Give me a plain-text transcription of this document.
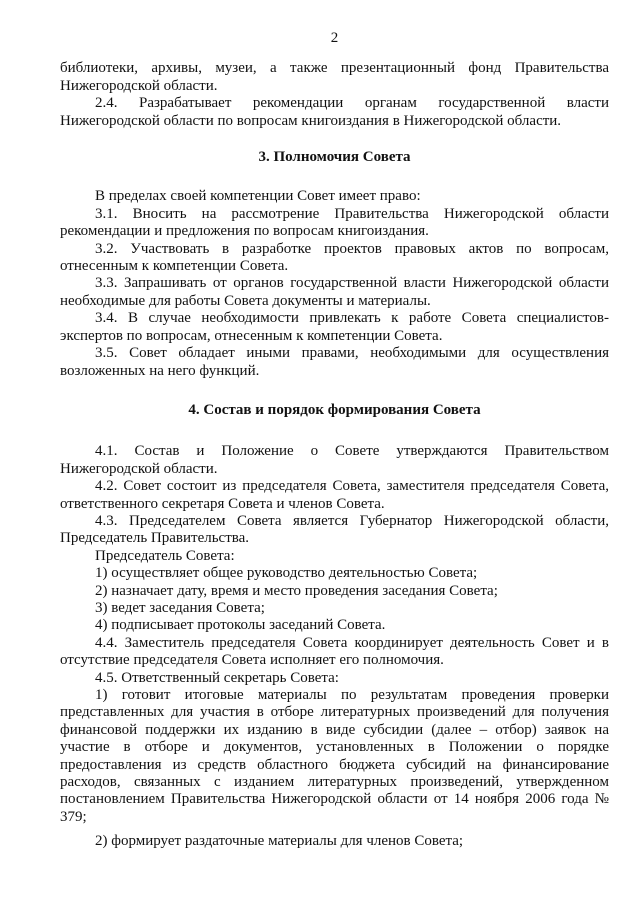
2

библиотеки, архивы, музеи, а также презентационный фонд Правительства Нижегородской области.

2.4. Разрабатывает рекомендации органам государственной власти Нижегородской области по вопросам книгоиздания в Нижегородской области.

3. Полномочия Совета

В пределах своей компетенции Совет имеет право:

3.1. Вносить на рассмотрение Правительства Нижегородской области рекомендации и предложения по вопросам книгоиздания.

3.2. Участвовать в разработке проектов правовых актов по вопросам, отнесенным к компетенции Совета.

3.3. Запрашивать от органов государственной власти Нижегородской области необходимые для работы Совета документы и материалы.

3.4. В случае необходимости привлекать к работе Совета специалистов-экспертов по вопросам, отнесенным к компетенции Совета.

3.5. Совет обладает иными правами, необходимыми для осуществления возложенных на него функций.

4. Состав и порядок формирования Совета

4.1. Состав и Положение о Совете утверждаются Правительством Нижегородской области.

4.2. Совет состоит из председателя Совета, заместителя председателя Совета, ответственного секретаря Совета и членов Совета.

4.3. Председателем Совета является Губернатор Нижегородской области, Председатель Правительства.

Председатель Совета:

1) осуществляет общее руководство деятельностью Совета;

2) назначает дату, время и место проведения заседания Совета;

3) ведет заседания Совета;

4) подписывает протоколы заседаний Совета.

4.4. Заместитель председателя Совета координирует деятельность Совет и в отсутствие председателя Совета исполняет его полномочия.

4.5. Ответственный секретарь Совета:

1) готовит итоговые материалы по результатам проведения проверки представленных для участия в отборе литературных произведений для получения финансовой поддержки их изданию в виде субсидии (далее – отбор) заявок на участие в отборе и документов, установленных в Положении о порядке предоставления из средств областного бюджета субсидий на финансирование расходов, связанных с изданием литературных произведений, утвержденном постановлением Правительства Нижегородской области от 14 ноября 2006 года № 379;

2) формирует раздаточные материалы для членов Совета;
